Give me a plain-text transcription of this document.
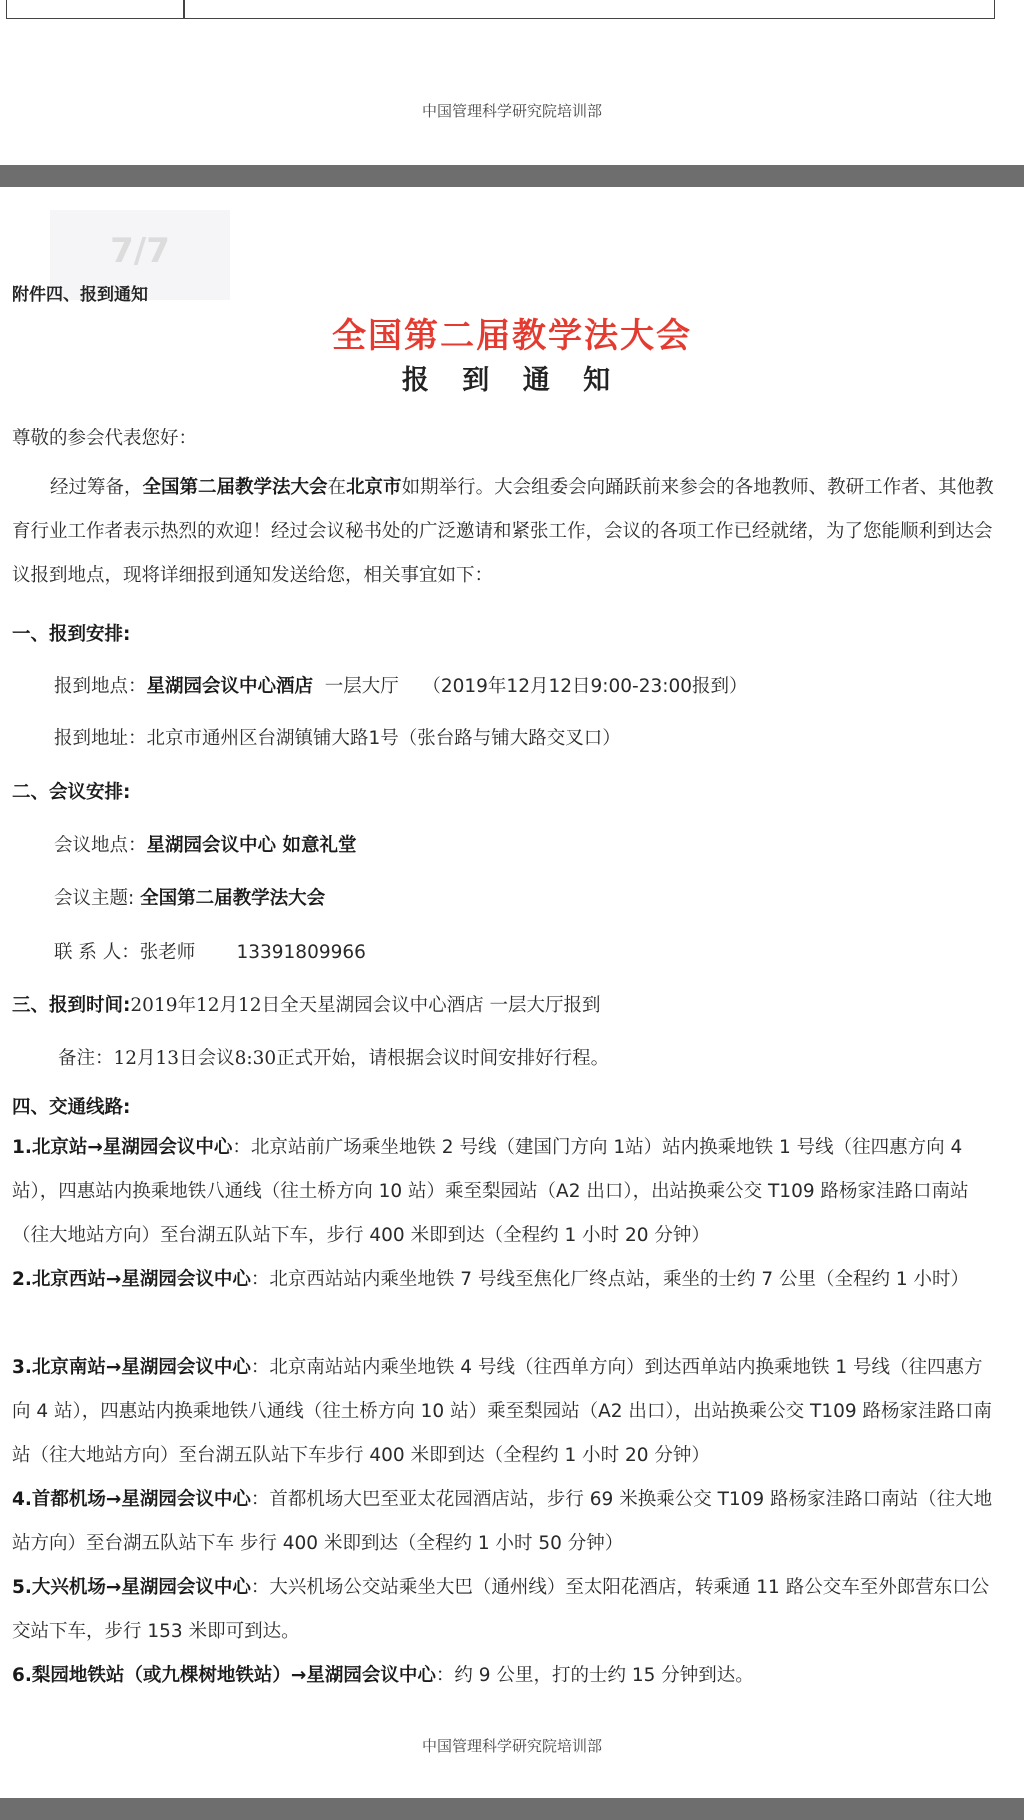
中国管理科学研究院培训部
7/7
附件四、报到通知
全国第二届教学法大会
报 到 通 知
尊敬的参会代表您好：
经过筹备，全国第二届教学法大会在北京市如期举行。大会组委会向踊跃前来参会的各地教师、教研工作者、其他教育行业工作者表示热烈的欢迎！经过会议秘书处的广泛邀请和紧张工作，会议的各项工作已经就绪，为了您能顺利到达会议报到地点，现将详细报到通知发送给您，相关事宜如下：
一、报到安排:
报到地点：星湖园会议中心酒店 一层大厅 （2019年12月12日9:00-23:00报到）
报到地址：北京市通州区台湖镇铺大路1号（张台路与铺大路交叉口）
二、会议安排:
会议地点：星湖园会议中心 如意礼堂
会议主题: 全国第二届教学法大会
联 系 人：张老师 13391809966
三、报到时间:2019年12月12日全天星湖园会议中心酒店 一层大厅报到
备注：12月13日会议8:30正式开始，请根据会议时间安排好行程。
四、交通线路:
1.北京站→星湖园会议中心：北京站前广场乘坐地铁 2 号线（建国门方向 1站）站内换乘地铁 1 号线（往四惠方向 4 站），四惠站内换乘地铁八通线（往土桥方向 10 站）乘至梨园站（A2 出口），出站换乘公交 T109 路杨家洼路口南站（往大地站方向）至台湖五队站下车，步行 400 米即到达（全程约 1 小时 20 分钟）
2.北京西站→星湖园会议中心：北京西站站内乘坐地铁 7 号线至焦化厂终点站，乘坐的士约 7 公里（全程约 1 小时）
3.北京南站→星湖园会议中心：北京南站站内乘坐地铁 4 号线（往西单方向）到达西单站内换乘地铁 1 号线（往四惠方向 4 站），四惠站内换乘地铁八通线（往土桥方向 10 站）乘至梨园站（A2 出口），出站换乘公交 T109 路杨家洼路口南站（往大地站方向）至台湖五队站下车步行 400 米即到达（全程约 1 小时 20 分钟）
4.首都机场→星湖园会议中心：首都机场大巴至亚太花园酒店站，步行 69 米换乘公交 T109 路杨家洼路口南站（往大地站方向）至台湖五队站下车 步行 400 米即到达（全程约 1 小时 50 分钟）
5.大兴机场→星湖园会议中心：大兴机场公交站乘坐大巴（通州线）至太阳花酒店，转乘通 11 路公交车至外郎营东口公交站下车，步行 153 米即可到达。
6.梨园地铁站（或九棵树地铁站）→星湖园会议中心：约 9 公里，打的士约 15 分钟到达。
中国管理科学研究院培训部
